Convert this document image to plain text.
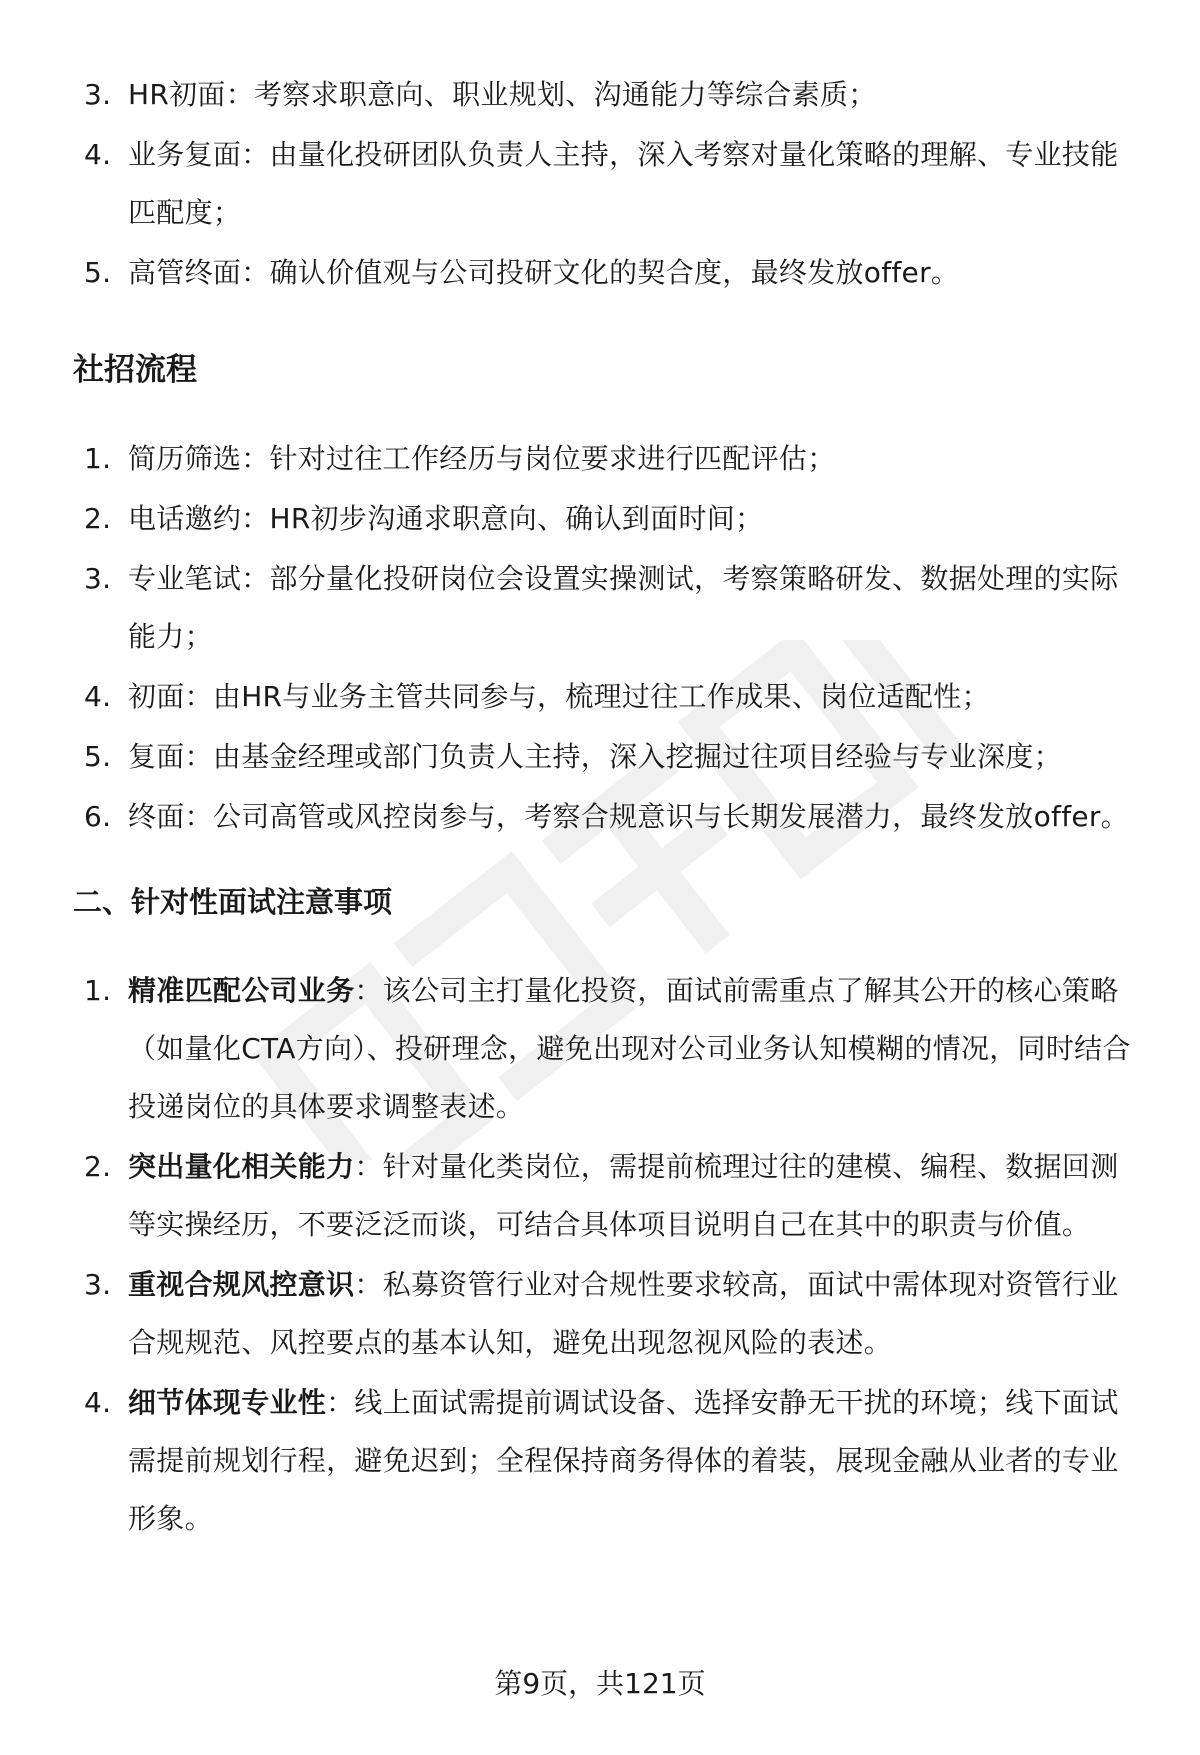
3. HR初面：考察求职意向、职业规划、沟通能力等综合素质；
4. 业务复面：由量化投研团队负责人主持，深入考察对量化策略的理解、专业技能匹配度；
5. 高管终面：确认价值观与公司投研文化的契合度，最终发放offer。
社招流程
1. 简历筛选：针对过往工作经历与岗位要求进行匹配评估；
2. 电话邀约：HR初步沟通求职意向、确认到面时间；
3. 专业笔试：部分量化投研岗位会设置实操测试，考察策略研发、数据处理的实际能力；
4. 初面：由HR与业务主管共同参与，梳理过往工作成果、岗位适配性；
5. 复面：由基金经理或部门负责人主持，深入挖掘过往项目经验与专业深度；
6. 终面：公司高管或风控岗参与，考察合规意识与长期发展潜力，最终发放offer。
二、针对性面试注意事项
1. 精准匹配公司业务：该公司主打量化投资，面试前需重点了解其公开的核心策略（如量化CTA方向）、投研理念，避免出现对公司业务认知模糊的情况，同时结合投递岗位的具体要求调整表述。
2. 突出量化相关能力：针对量化类岗位，需提前梳理过往的建模、编程、数据回测等实操经历，不要泛泛而谈，可结合具体项目说明自己在其中的职责与价值。
3. 重视合规风控意识：私募资管行业对合规性要求较高，面试中需体现对资管行业合规规范、风控要点的基本认知，避免出现忽视风险的表述。
4. 细节体现专业性：线上面试需提前调试设备、选择安静无干扰的环境；线下面试需提前规划行程，避免迟到；全程保持商务得体的着装，展现金融从业者的专业形象。
第9页，共121页
